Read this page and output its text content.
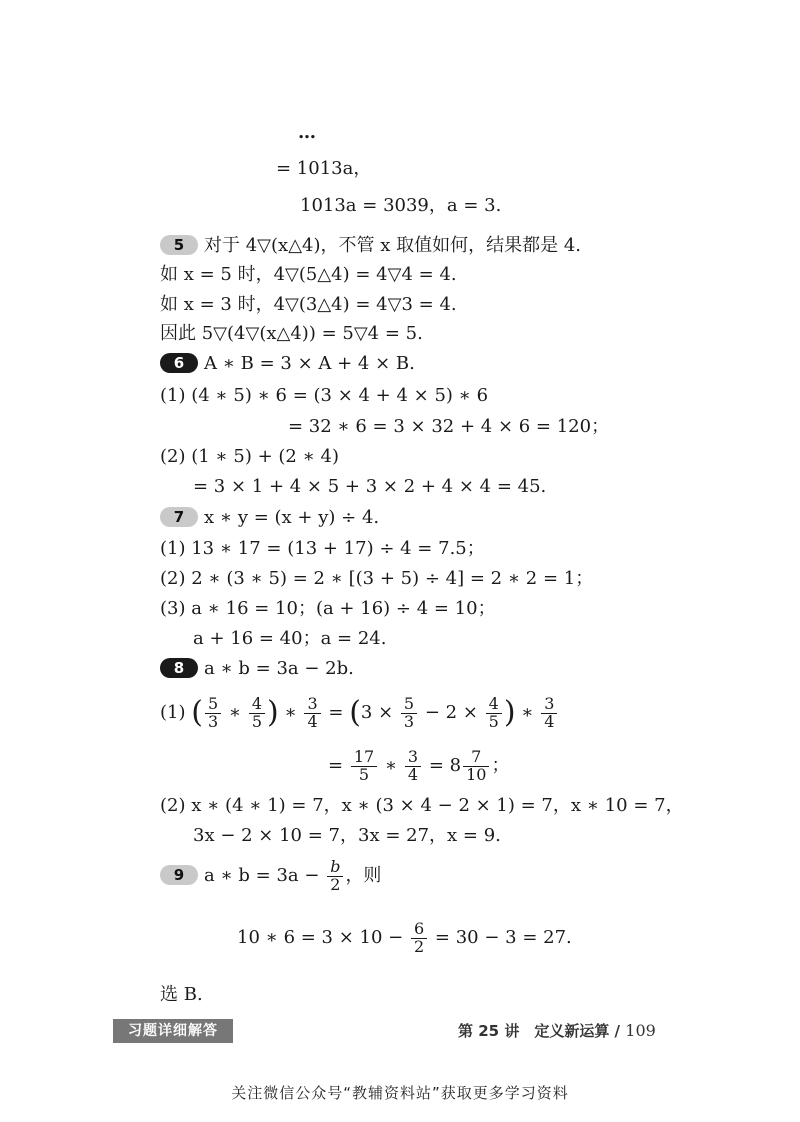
…
= 1013a，
1013a = 3039，a = 3.
5 对于 4▽(x△4)，不管 x 取值如何，结果都是 4.
如 x = 5 时，4▽(5△4) = 4▽4 = 4.
如 x = 3 时，4▽(3△4) = 4▽3 = 4.
因此 5▽(4▽(x△4)) = 5▽4 = 5.
6 A ∗ B = 3 × A + 4 × B.
(1) (4 ∗ 5) ∗ 6 = (3 × 4 + 4 × 5) ∗ 6
= 32 ∗ 6 = 3 × 32 + 4 × 6 = 120；
(2) (1 ∗ 5) + (2 ∗ 4)
= 3 × 1 + 4 × 5 + 3 × 2 + 4 × 4 = 45.
7 x ∗ y = (x + y) ÷ 4.
(1) 13 ∗ 17 = (13 + 17) ÷ 4 = 7.5；
(2) 2 ∗ (3 ∗ 5) = 2 ∗ [(3 + 5) ÷ 4] = 2 ∗ 2 = 1；
(3) a ∗ 16 = 10；(a + 16) ÷ 4 = 10；
a + 16 = 40；a = 24.
8 a ∗ b = 3a − 2b.
(1) ( $\frac{5}{3}$ ∗ $\frac{4}{5}$ ) ∗ $\frac{3}{4} = (3 \times \frac{5}{3} - 2 \times \frac{4}{5}$ ) ∗ $\frac{3}{4}$
= $\frac{17}{5}$ ∗ $\frac{3}{4} = 8 \frac{7}{10}$ ；
(2) x ∗ (4 ∗ 1) = 7，x ∗ (3 × 4 − 2 × 1) = 7，x ∗ 10 = 7，
3x − 2 × 10 = 7，3x = 27，x = 9.
9 a ∗ $b = 3a - \frac{b}{2}$ ，则
10 ∗ $6 = 3 \times 10 - \frac{6}{2} = 30 - 3 = 27$.
选 B.
习题详细解答	第 25 讲　定义新运算 / 109
关注微信公众号“教辅资料站”获取更多学习资料
